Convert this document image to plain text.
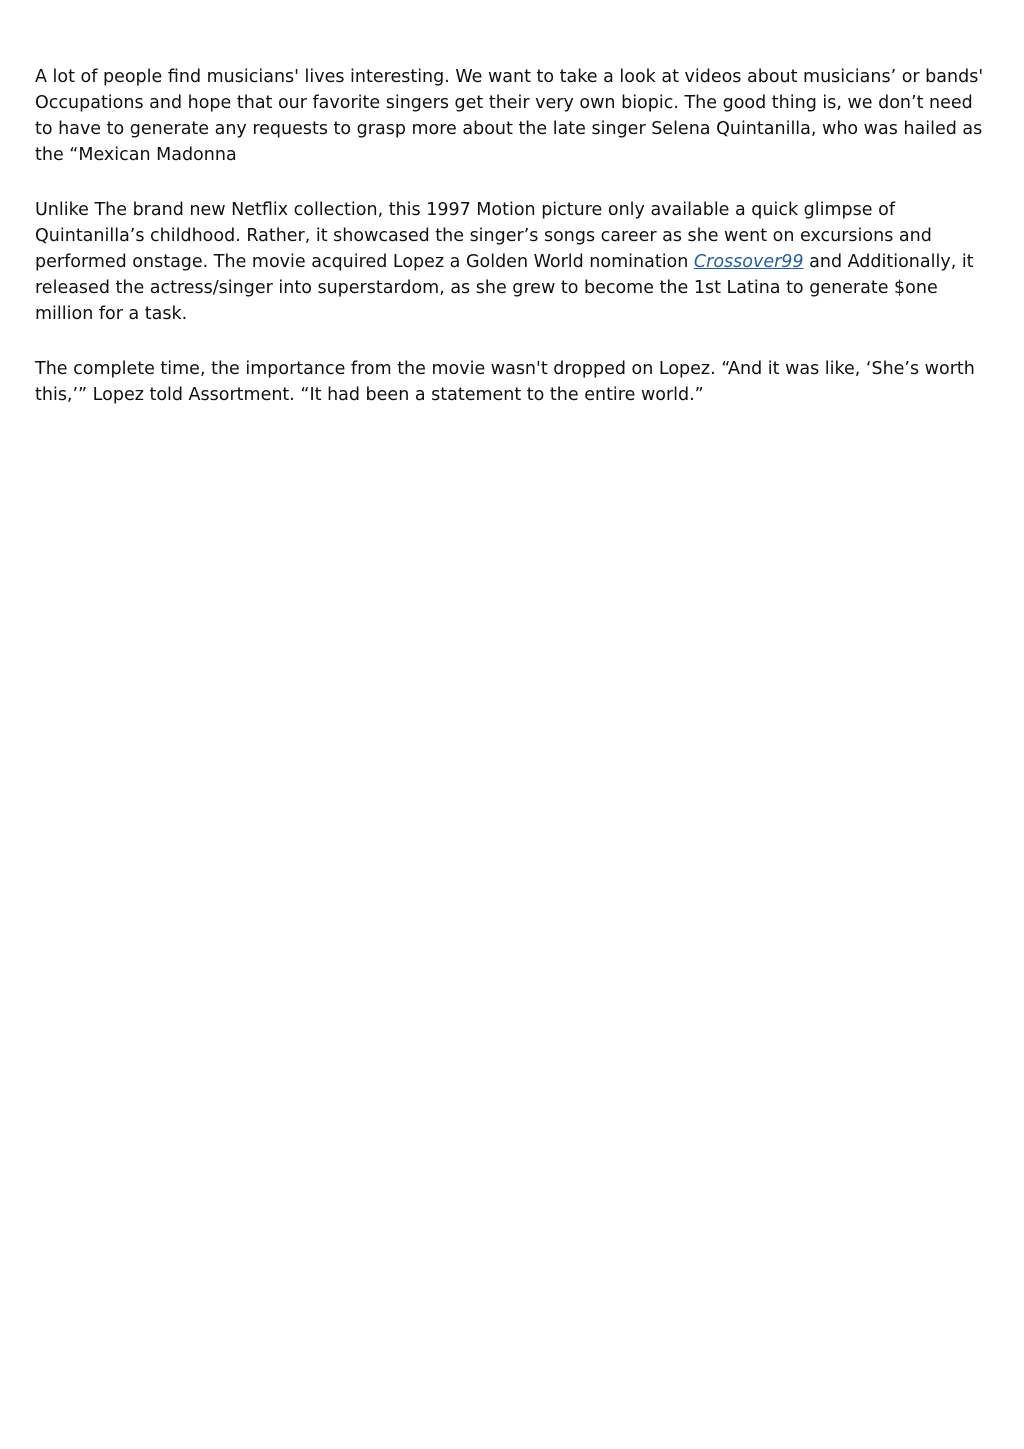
A lot of people find musicians' lives interesting. We want to take a look at videos about musicians’ or bands' Occupations and hope that our favorite singers get their very own biopic. The good thing is, we don’t need to have to generate any requests to grasp more about the late singer Selena Quintanilla, who was hailed as the “Mexican Madonna

Unlike The brand new Netflix collection, this 1997 Motion picture only available a quick glimpse of Quintanilla’s childhood. Rather, it showcased the singer’s songs career as she went on excursions and performed onstage. The movie acquired Lopez a Golden World nomination Crossover99 and Additionally, it released the actress/singer into superstardom, as she grew to become the 1st Latina to generate $one million for a task.

The complete time, the importance from the movie wasn't dropped on Lopez. “And it was like, ‘She’s worth this,’” Lopez told Assortment. “It had been a statement to the entire world.”
